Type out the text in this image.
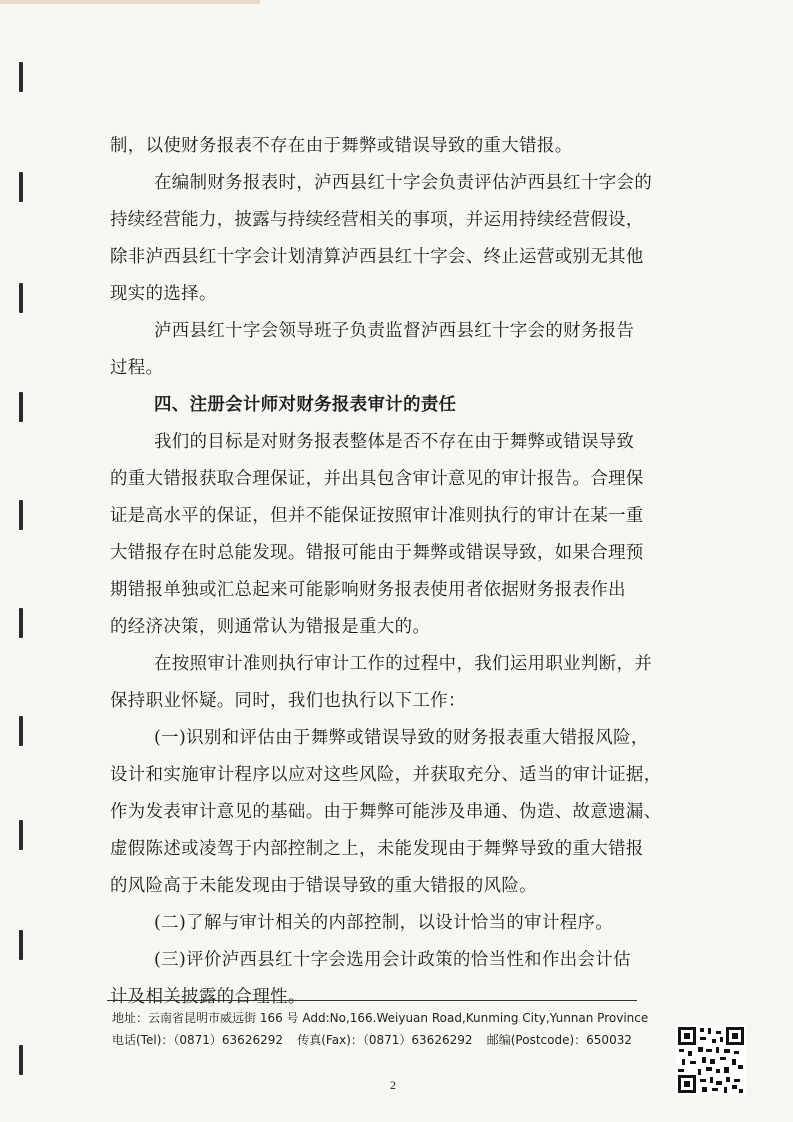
制，以使财务报表不存在由于舞弊或错误导致的重大错报。
在编制财务报表时，泸西县红十字会负责评估泸西县红十字会的
持续经营能力，披露与持续经营相关的事项，并运用持续经营假设，
除非泸西县红十字会计划清算泸西县红十字会、终止运营或别无其他
现实的选择。
泸西县红十字会领导班子负责监督泸西县红十字会的财务报告
过程。
四、注册会计师对财务报表审计的责任
我们的目标是对财务报表整体是否不存在由于舞弊或错误导致
的重大错报获取合理保证，并出具包含审计意见的审计报告。合理保
证是高水平的保证，但并不能保证按照审计准则执行的审计在某一重
大错报存在时总能发现。错报可能由于舞弊或错误导致，如果合理预
期错报单独或汇总起来可能影响财务报表使用者依据财务报表作出
的经济决策，则通常认为错报是重大的。
在按照审计准则执行审计工作的过程中，我们运用职业判断，并
保持职业怀疑。同时，我们也执行以下工作：
(一)识别和评估由于舞弊或错误导致的财务报表重大错报风险，
设计和实施审计程序以应对这些风险，并获取充分、适当的审计证据，
作为发表审计意见的基础。由于舞弊可能涉及串通、伪造、故意遗漏、
虚假陈述或凌驾于内部控制之上，未能发现由于舞弊导致的重大错报
的风险高于未能发现由于错误导致的重大错报的风险。
(二)了解与审计相关的内部控制，以设计恰当的审计程序。
(三)评价泸西县红十字会选用会计政策的恰当性和作出会计估
计及相关披露的合理性。
地址：云南省昆明市威远街 166 号 Add:No,166.Weiyuan Road,Kunming City,Yunnan Province
电话(Tel)：（0871）63626292 传真(Fax)：（0871）63626292 邮编(Postcode)：650032
2
